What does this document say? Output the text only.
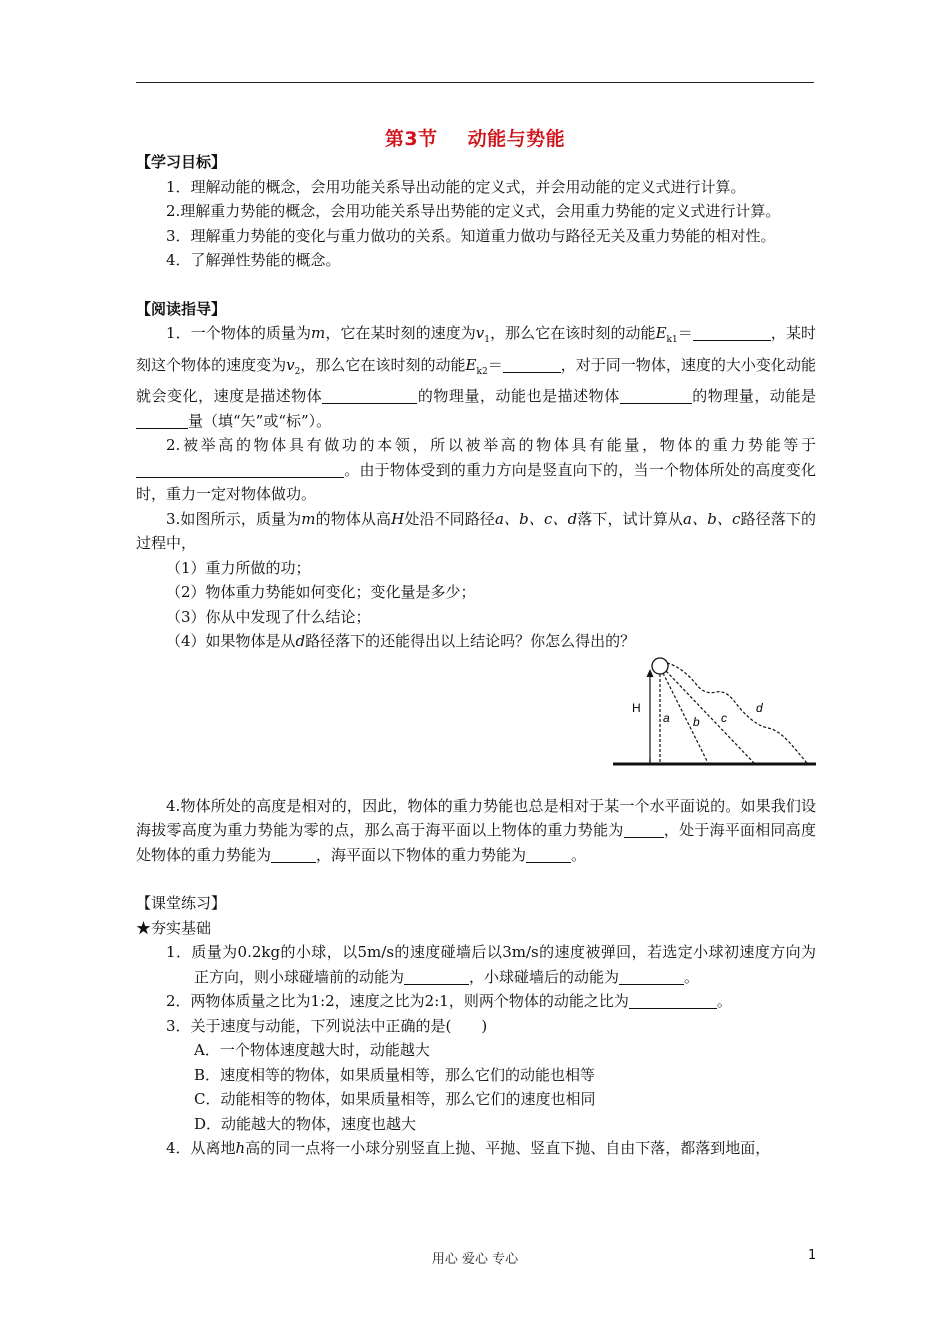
第3节 动能与势能

【学习目标】

1．理解动能的概念，会用功能关系导出动能的定义式，并会用动能的定义式进行计算。

2.理解重力势能的概念，会用功能关系导出势能的定义式，会用重力势能的定义式进行计算。

3．理解重力势能的变化与重力做功的关系。知道重力做功与路径无关及重力势能的相对性。

4．了解弹性势能的概念。

【阅读指导】

1．一个物体的质量为m，它在某时刻的速度为$v_1$，那么它在该时刻的动能$E_{k1}=$	，某时刻这个物体的速度变为$v_2$，那么它在该时刻的动能$E_{k2}=$	，对于同一物体，速度的大小变化动能就会变化，速度是描述物体	的物理量，动能也是描述物体	的物理量，动能是量（填“矢”或“标”）。

2.被举高的物体具有做功的本领，所以被举高的物体具有能量，物体的重力势能等于。由于物体受到的重力方向是竖直向下的，当一个物体所处的高度变化时，重力一定对物体做功。

3.如图所示，质量为m的物体从高H处沿不同路径a、b、c、d落下，试计算从a、b、c路径落下的过程中，

（1）重力所做的功；

（2）物体重力势能如何变化；变化量是多少；

（3）你从中发现了什么结论；

（4）如果物体是从d路径落下的还能得出以上结论吗？你怎么得出的？

H
a b c
d

4.物体所处的高度是相对的，因此，物体的重力势能也总是相对于某一个水平面说的。如果我们设海拔零高度为重力势能为零的点，那么高于海平面以上物体的重力势能为	，处于海平面相同高度处物体的重力势能为	，海平面以下物体的重力势能为	。

【课堂练习】

★夯实基础

1．质量为0.2kg的小球，以5m/s的速度碰墙后以3m/s的速度被弹回，若选定小球初速度方向为正方向，则小球碰墙前的动能为	，小球碰墙后的动能为	。

2．两物体质量之比为1:2，速度之比为2:1，则两个物体的动能之比为	。

3．关于速度与动能，下列说法中正确的是(　　)

A．一个物体速度越大时，动能越大

B．速度相等的物体，如果质量相等，那么它们的动能也相等

C．动能相等的物体，如果质量相等，那么它们的速度也相同

D．动能越大的物体，速度也越大

4．从离地h高的同一点将一小球分别竖直上抛、平抛、竖直下抛、自由下落，都落到地面，

用心 爱心 专心	1
